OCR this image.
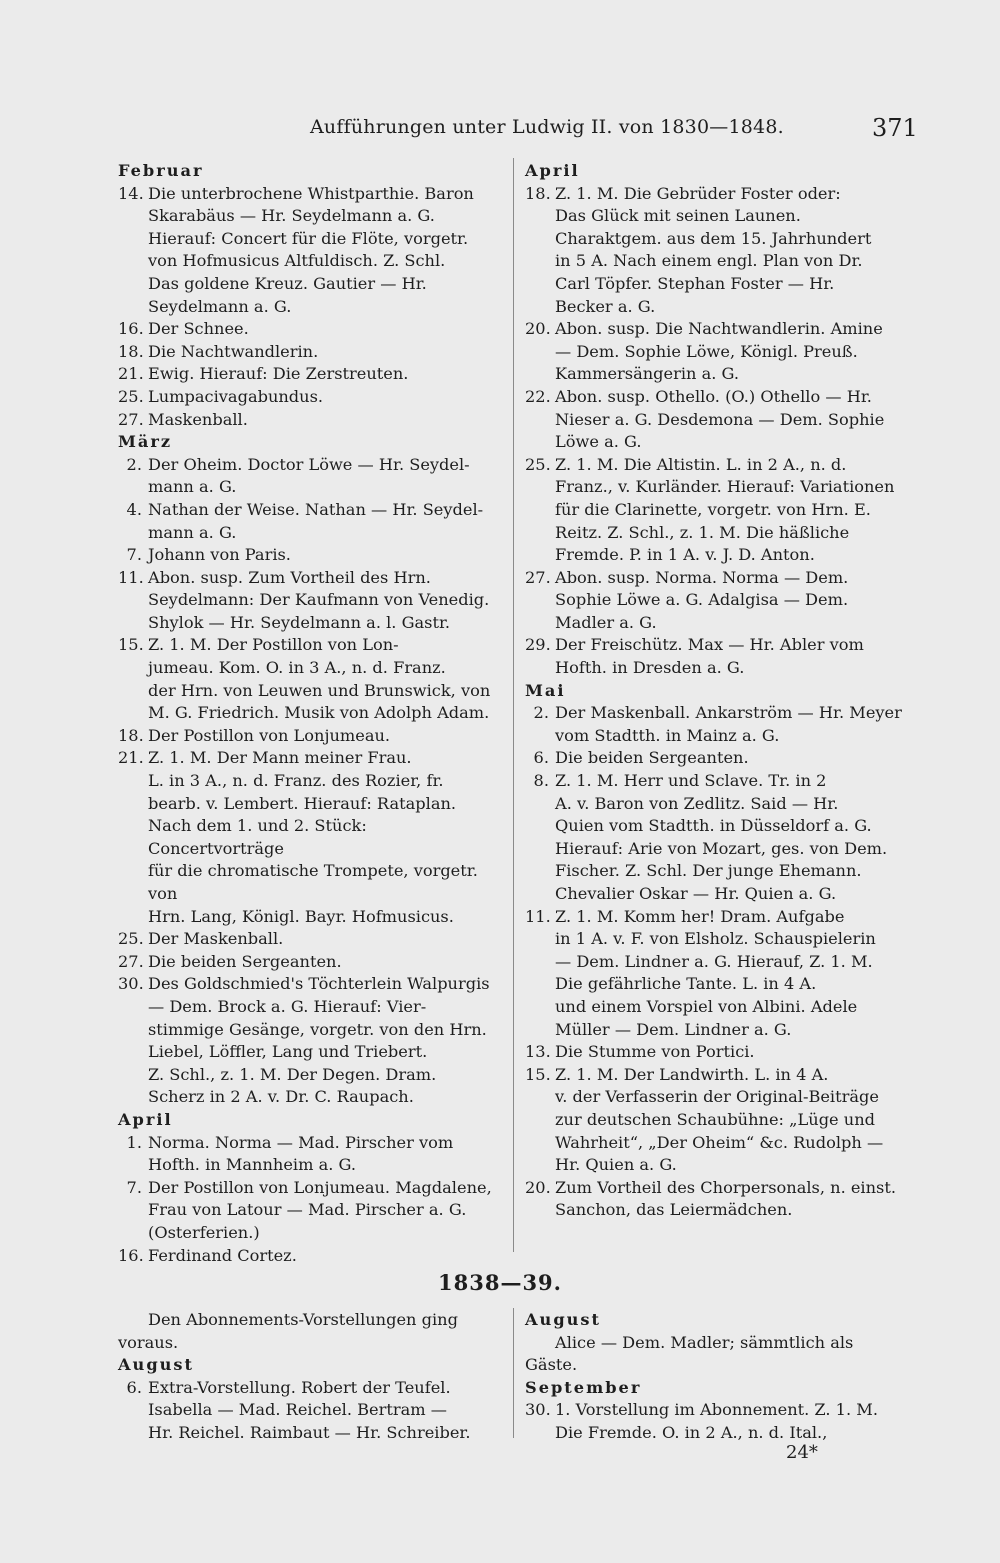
Aufführungen unter Ludwig II. von 1830—1848.	371
Februar
14. Die unterbrochene Whistparthie. Baron
Skarabäus — Hr. Seydelmann a. G.
Hierauf: Concert für die Flöte, vorgetr.
von Hofmusicus Altfuldisch. Z. Schl.
Das goldene Kreuz. Gautier — Hr.
Seydelmann a. G.
16. Der Schnee.
18. Die Nachtwandlerin.
21. Ewig. Hierauf: Die Zerstreuten.
25. Lumpacivagabundus.
27. Maskenball.
März
2. Der Oheim. Doctor Löwe — Hr. Seydel-
mann a. G.
4. Nathan der Weise. Nathan — Hr. Seydel-
mann a. G.
7. Johann von Paris.
11. Abon. susp. Zum Vortheil des Hrn.
Seydelmann: Der Kaufmann von Venedig.
Shylok — Hr. Seydelmann a. l. Gastr.
15. Z. 1. M. Der Postillon von Lon-
jumeau. Kom. O. in 3 A., n. d. Franz.
der Hrn. von Leuwen und Brunswick, von
M. G. Friedrich. Musik von Adolph Adam.
18. Der Postillon von Lonjumeau.
21. Z. 1. M. Der Mann meiner Frau.
L. in 3 A., n. d. Franz. des Rozier, fr.
bearb. v. Lembert. Hierauf: Rataplan.
Nach dem 1. und 2. Stück: Concertvorträge
für die chromatische Trompete, vorgetr. von
Hrn. Lang, Königl. Bayr. Hofmusicus.
25. Der Maskenball.
27. Die beiden Sergeanten.
30. Des Goldschmied's Töchterlein Walpurgis
— Dem. Brock a. G. Hierauf: Vier-
stimmige Gesänge, vorgetr. von den Hrn.
Liebel, Löffler, Lang und Triebert.
Z. Schl., z. 1. M. Der Degen. Dram.
Scherz in 2 A. v. Dr. C. Raupach.
April
1. Norma. Norma — Mad. Pirscher vom
Hofth. in Mannheim a. G.
7. Der Postillon von Lonjumeau. Magdalene,
Frau von Latour — Mad. Pirscher a. G.
(Osterferien.)
16. Ferdinand Cortez.
April
18. Z. 1. M. Die Gebrüder Foster oder:
Das Glück mit seinen Launen.
Charaktgem. aus dem 15. Jahrhundert
in 5 A. Nach einem engl. Plan von Dr.
Carl Töpfer. Stephan Foster — Hr.
Becker a. G.
20. Abon. susp. Die Nachtwandlerin. Amine
— Dem. Sophie Löwe, Königl. Preuß.
Kammersängerin a. G.
22. Abon. susp. Othello. (O.) Othello — Hr.
Nieser a. G. Desdemona — Dem. Sophie
Löwe a. G.
25. Z. 1. M. Die Altistin. L. in 2 A., n. d.
Franz., v. Kurländer. Hierauf: Variationen
für die Clarinette, vorgetr. von Hrn. E.
Reitz. Z. Schl., z. 1. M. Die häßliche
Fremde. P. in 1 A. v. J. D. Anton.
27. Abon. susp. Norma. Norma — Dem.
Sophie Löwe a. G. Adalgisa — Dem.
Madler a. G.
29. Der Freischütz. Max — Hr. Abler vom
Hofth. in Dresden a. G.
Mai
2. Der Maskenball. Ankarström — Hr. Meyer
vom Stadtth. in Mainz a. G.
6. Die beiden Sergeanten.
8. Z. 1. M. Herr und Sclave. Tr. in 2
A. v. Baron von Zedlitz. Said — Hr.
Quien vom Stadtth. in Düsseldorf a. G.
Hierauf: Arie von Mozart, ges. von Dem.
Fischer. Z. Schl. Der junge Ehemann.
Chevalier Oskar — Hr. Quien a. G.
11. Z. 1. M. Komm her! Dram. Aufgabe
in 1 A. v. F. von Elsholz. Schauspielerin
— Dem. Lindner a. G. Hierauf, Z. 1. M.
Die gefährliche Tante. L. in 4 A.
und einem Vorspiel von Albini. Adele
Müller — Dem. Lindner a. G.
13. Die Stumme von Portici.
15. Z. 1. M. Der Landwirth. L. in 4 A.
v. der Verfasserin der Original-Beiträge
zur deutschen Schaubühne: „Lüge und
Wahrheit“, „Der Oheim“ &c. Rudolph —
Hr. Quien a. G.
20. Zum Vortheil des Chorpersonals, n. einst.
Sanchon, das Leiermädchen.
1838—39.
Den Abonnements-Vorstellungen ging
voraus.
August
6. Extra-Vorstellung. Robert der Teufel.
Isabella — Mad. Reichel. Bertram —
Hr. Reichel. Raimbaut — Hr. Schreiber.
August
Alice — Dem. Madler; sämmtlich als
Gäste.
September
30. 1. Vorstellung im Abonnement. Z. 1. M.
Die Fremde. O. in 2 A., n. d. Ital.,
24*
